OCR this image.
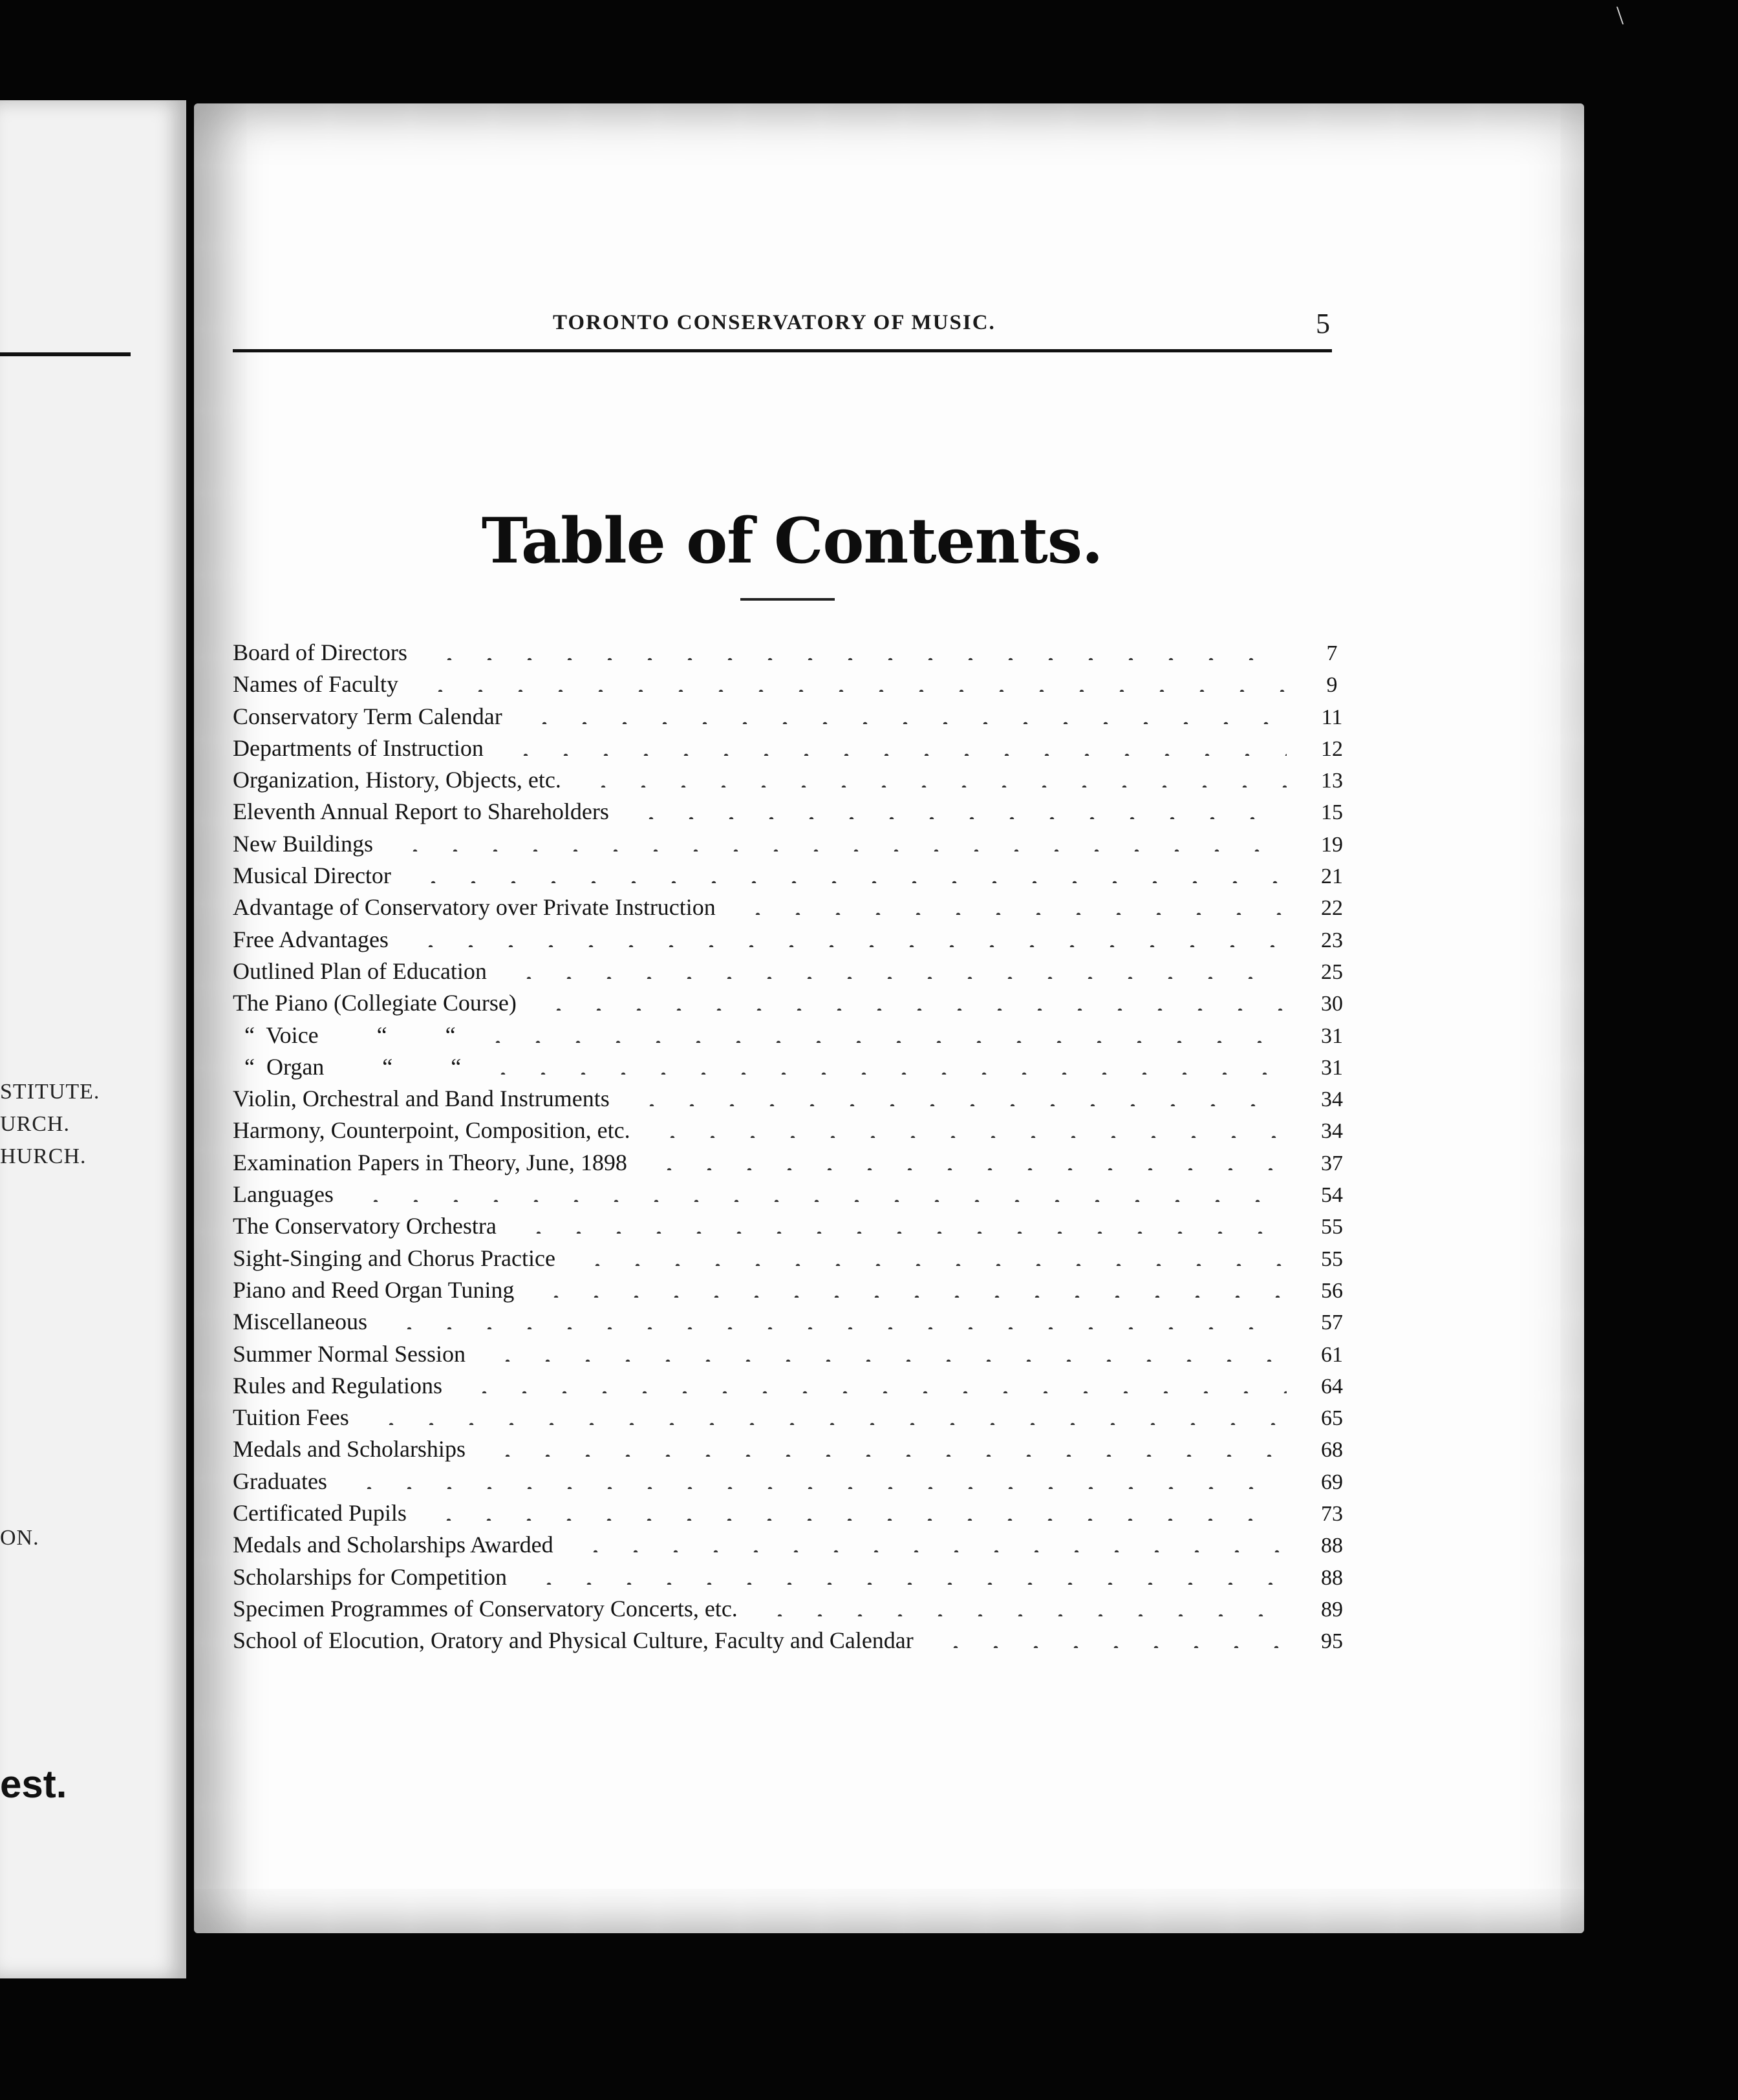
STITUTE.
URCH.
HURCH.
ON.
est.
TORONTO CONSERVATORY OF MUSIC.	5
Table of Contents.
Board of Directors	7
Names of Faculty	9
Conservatory Term Calendar	11
Departments of Instruction	12
Organization, History, Objects, etc.	13
Eleventh Annual Report to Shareholders	15
New Buildings	19
Musical Director	21
Advantage of Conservatory over Private Instruction	22
Free Advantages	23
Outlined Plan of Education	25
The Piano (Collegiate Course)	30
“  Voice          “          “	31
“  Organ          “          “	31
Violin, Orchestral and Band Instruments	34
Harmony, Counterpoint, Composition, etc.	34
Examination Papers in Theory, June, 1898	37
Languages	54
The Conservatory Orchestra	55
Sight-Singing and Chorus Practice	55
Piano and Reed Organ Tuning	56
Miscellaneous	57
Summer Normal Session	61
Rules and Regulations	64
Tuition Fees	65
Medals and Scholarships	68
Graduates	69
Certificated Pupils	73
Medals and Scholarships Awarded	88
Scholarships for Competition	88
Specimen Programmes of Conservatory Concerts, etc.	89
School of Elocution, Oratory and Physical Culture, Faculty and Calendar	95
\
